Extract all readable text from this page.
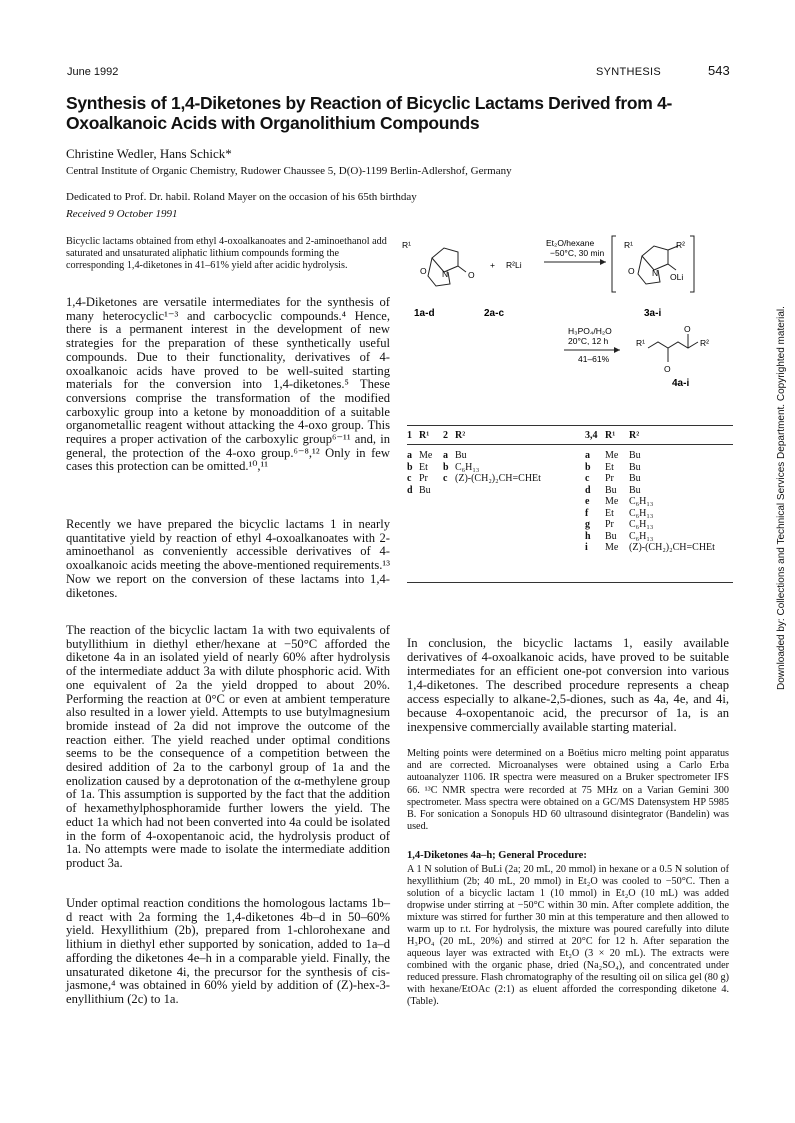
June 1992	SYNTHESIS	543
Synthesis of 1,4-Diketones by Reaction of Bicyclic Lactams Derived from 4-Oxoalkanoic Acids with Organolithium Compounds
Christine Wedler, Hans Schick*
Central Institute of Organic Chemistry, Rudower Chaussee 5, D(O)-1199 Berlin-Adlershof, Germany
Dedicated to Prof. Dr. habil. Roland Mayer on the occasion of his 65th birthday
Received 9 October 1991
Bicyclic lactams obtained from ethyl 4-oxoalkanoates and 2-aminoethanol add saturated and unsaturated aliphatic lithium compounds forming the corresponding 1,4-diketones in 41–61% yield after acidic hydrolysis.
1,4-Diketones are versatile intermediates for the synthesis of many heterocyclic¹⁻³ and carbocyclic compounds.⁴ Hence, there is a permanent interest in the development of new strategies for the preparation of these synthetically useful compounds. Due to their functionality, derivatives of 4-oxoalkanoic acids have proved to be well-suited starting materials for the conversion into 1,4-diketones.⁵ These conversions comprise the transformation of the modified carboxylic group into a ketone by monoaddition of a suitable organometallic reagent without attacking the 4-oxo group. This requires a proper activation of the carboxylic group⁶⁻¹¹ and, in general, the protection of the 4-oxo group.⁶⁻⁸,¹² Only in few cases this protection can be omitted.¹⁰,¹¹
Recently we have prepared the bicyclic lactams 1 in nearly quantitative yield by reaction of ethyl 4-oxoalkanoates with 2-aminoethanol as conveniently accessible derivatives of 4-oxoalkanoic acids meeting the above-mentioned requirements.¹³ Now we report on the conversion of these lactams into 1,4-diketones.
The reaction of the bicyclic lactam 1a with two equivalents of butyllithium in diethyl ether/hexane at −50°C afforded the diketone 4a in an isolated yield of nearly 60% after hydrolysis of the intermediate adduct 3a with dilute phosphoric acid. With one equivalent of 2a the yield dropped to about 20%. Performing the reaction at 0°C or even at ambient temperature also resulted in a lower yield. Attempts to use butylmagnesium bromide instead of 2a did not improve the outcome of the reaction either. The yield reached under optimal conditions seems to be the consequence of a competition between the desired addition of 2a to the carbonyl group of 1a and the enolization caused by a deprotonation of the α-methylene group of 1a. This assumption is supported by the fact that the addition of hexamethylphosphoramide further lowers the yield. The educt 1a which had not been converted into 4a could be isolated in the form of 4-oxopentanoic acid, the hydrolysis product of 1a. No attempts were made to isolate the intermediate addition product 3a.
Under optimal reaction conditions the homologous lactams 1b–d react with 2a forming the 1,4-diketones 4b–d in 50–60% yield. Hexyllithium (2b), prepared from 1-chlorohexane and lithium in diethyl ether supported by sonication, added to 1a–d affording the diketones 4e–h in a comparable yield. Finally, the unsaturated diketone 4i, the precursor for the synthesis of cis-jasmone,⁴ was obtained in 60% yield by addition of (Z)-hex-3-enyllithium (2c) to 1a.
In conclusion, the bicyclic lactams 1, easily available derivatives of 4-oxoalkanoic acids, have proved to be suitable intermediates for an efficient one-pot conversion into various 1,4-diketones. The described procedure represents a cheap access especially to alkane-2,5-diones, such as 4a, 4e, and 4i, because 4-oxopentanoic acid, the precursor of 1a, is an inexpensive commercially available starting material.
Melting points were determined on a Boëtius micro melting point apparatus and are corrected. Microanalyses were obtained using a Carlo Erba autoanalyzer 1106. IR spectra were measured on a Bruker spectrometer IFS 66. ¹³C NMR spectra were recorded at 75 MHz on a Varian Gemini 300 spectrometer. Mass spectra were obtained on a GC/MS Datensystem HP 5985 B. For sonication a Sonopuls HD 60 ultrasound disintegrator (Bandelin) was used.
1,4-Diketones 4a–h; General Procedure:
A 1 N solution of BuLi (2a; 20 mL, 20 mmol) in hexane or a 0.5 N solution of hexyllithium (2b; 40 mL, 20 mmol) in Et₂O was cooled to −50°C. Then a solution of a bicyclic lactam 1 (10 mmol) in Et₂O (10 mL) was added dropwise under stirring at −50°C within 30 min. After complete addition, the mixture was stirred for further 30 min at this temperature and then allowed to warm up to r.t. For hydrolysis, the mixture was poured carefully into dilute H₃PO₄ (20 mL, 20%) and stirred at 20°C for 12 h. After separation the aqueous layer was extracted with Et₂O (3 × 20 mL). The extracts were combined with the organic phase, dried (Na₂SO₄), and concentrated under reduced pressure. Flash chromatography of the resulting oil on silica gel (80 g) with hexane/EtOAc (2:1) as eluent afforded the corresponding diketone 4. (Table).
Downloaded by: Collections and Technical Services Department. Copyrighted material.
R¹
O N O
+ R²Li
1a-d	2a-c
Et₂O/hexane
−50°C, 30 min
R¹	R²
O N OLi
3a-i
H₃PO₄/H₂O
20°C, 12 h
41–61%
R¹	R²
O
O
4a-i
1 R¹ 2 R²	3,4 R¹ R²
a Me a Bu
b Et b C₆H₁₃
c Pr c (Z)-(CH₂)₂CH=CHEt
d Bu
a Me Bu
b Et Bu
c Pr Bu
d Bu Bu
e Me C₆H₁₃
f Et C₆H₁₃
g Pr C₆H₁₃
h Bu C₆H₁₃
i Me (Z)-(CH₂)₂CH=CHEt
